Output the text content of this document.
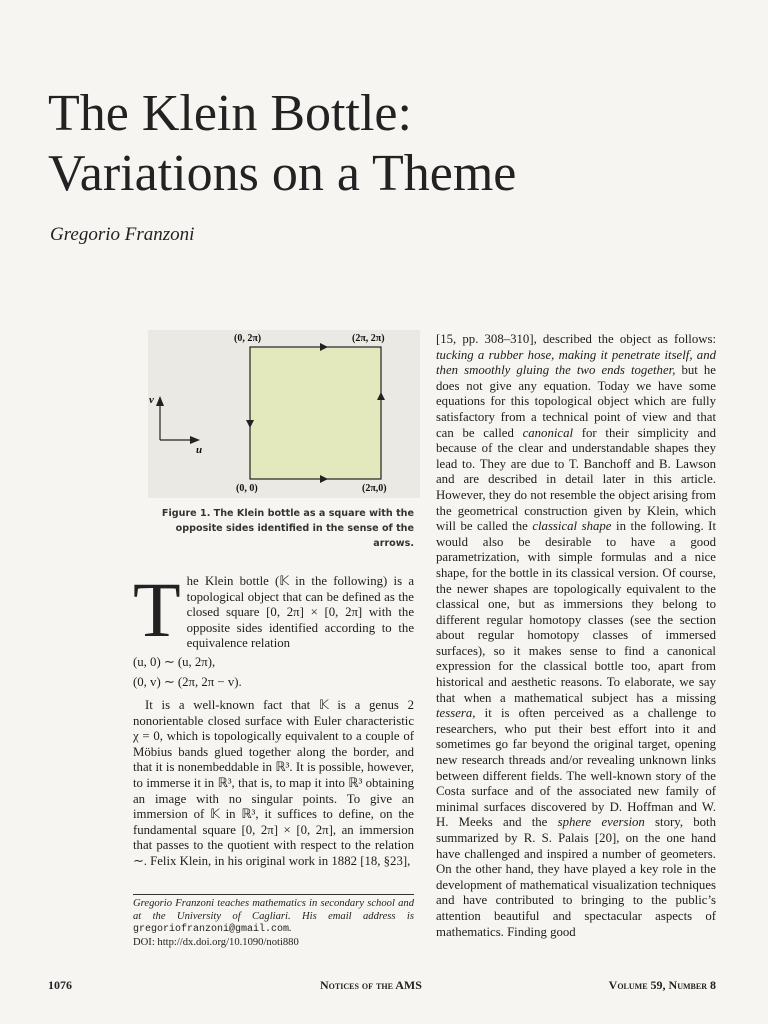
The Klein Bottle:
Variations on a Theme
Gregorio Franzoni
(0, 2π)	(2π, 2π)
(0, 0)	(2π,0)
v
u
Figure 1. The Klein bottle as a square with the opposite sides identified in the sense of the arrows.

The Klein bottle (𝕂 in the following) is a topological object that can be defined as the closed square [0, 2π] × [0, 2π] with the opposite sides identified according to the equivalence relation

(u, 0) ∼ (u, 2π),

(0, v) ∼ (2π, 2π − v).

It is a well-known fact that 𝕂 is a genus 2 nonorientable closed surface with Euler characteristic χ = 0, which is topologically equivalent to a couple of Möbius bands glued together along the border, and that it is nonembeddable in ℝ³. It is possible, however, to immerse it in ℝ³, that is, to map it into ℝ³ obtaining an image with no singular points. To give an immersion of 𝕂 in ℝ³, it suffices to define, on the fundamental square [0, 2π] × [0, 2π], an immersion that passes to the quotient with respect to the relation ∼. Felix Klein, in his original work in 1882 [18, §23],

Gregorio Franzoni teaches mathematics in secondary school and at the University of Cagliari. His email address is gregoriofranzoni@gmail.com.
DOI: http://dx.doi.org/10.1090/noti880

[15, pp. 308–310], described the object as follows: tucking a rubber hose, making it penetrate itself, and then smoothly gluing the two ends together, but he does not give any equation. Today we have some equations for this topological object which are fully satisfactory from a technical point of view and that can be called canonical for their simplicity and because of the clear and understandable shapes they lead to. They are due to T. Banchoff and B. Lawson and are described in detail later in this article. However, they do not resemble the object arising from the geometrical construction given by Klein, which will be called the classical shape in the following. It would also be desirable to have a good parametrization, with simple formulas and a nice shape, for the bottle in its classical version. Of course, the newer shapes are topologically equivalent to the classical one, but as immersions they belong to different regular homotopy classes (see the section about regular homotopy classes of immersed surfaces), so it makes sense to find a canonical expression for the classical bottle too, apart from historical and aesthetic reasons. To elaborate, we say that when a mathematical subject has a missing tessera, it is often perceived as a challenge to researchers, who put their best effort into it and sometimes go far beyond the original target, opening new research threads and/or revealing unknown links between different fields. The well-known story of the Costa surface and of the associated new family of minimal surfaces discovered by D. Hoffman and W. H. Meeks and the sphere eversion story, both summarized by R. S. Palais [20], on the one hand have challenged and inspired a number of geometers. On the other hand, they have played a key role in the development of mathematical visualization techniques and have contributed to bringing to the public’s attention beautiful and spectacular aspects of mathematics. Finding good

1076	Notices of the AMS	Volume 59, Number 8
